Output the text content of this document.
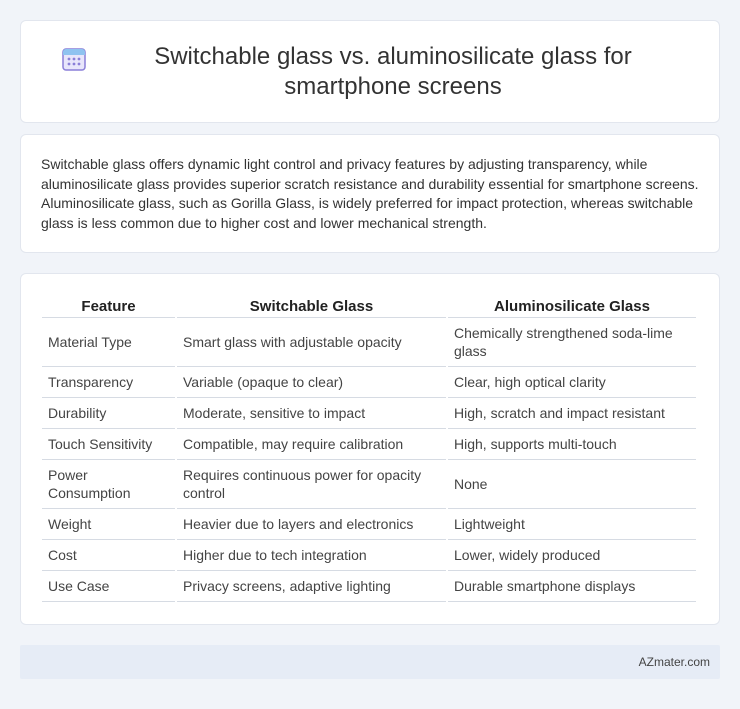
Switchable glass vs. aluminosilicate glass for smartphone screens

Switchable glass offers dynamic light control and privacy features by adjusting transparency, while aluminosilicate glass provides superior scratch resistance and durability essential for smartphone screens. Aluminosilicate glass, such as Gorilla Glass, is widely preferred for impact protection, whereas switchable glass is less common due to higher cost and lower mechanical strength.

Feature	Switchable Glass	Aluminosilicate Glass
Material Type	Smart glass with adjustable opacity	Chemically strengthened soda-lime glass
Transparency	Variable (opaque to clear)	Clear, high optical clarity
Durability	Moderate, sensitive to impact	High, scratch and impact resistant
Touch Sensitivity	Compatible, may require calibration	High, supports multi-touch
Power Consumption	Requires continuous power for opacity control	None
Weight	Heavier due to layers and electronics	Lightweight
Cost	Higher due to tech integration	Lower, widely produced
Use Case	Privacy screens, adaptive lighting	Durable smartphone displays
AZmater.com
